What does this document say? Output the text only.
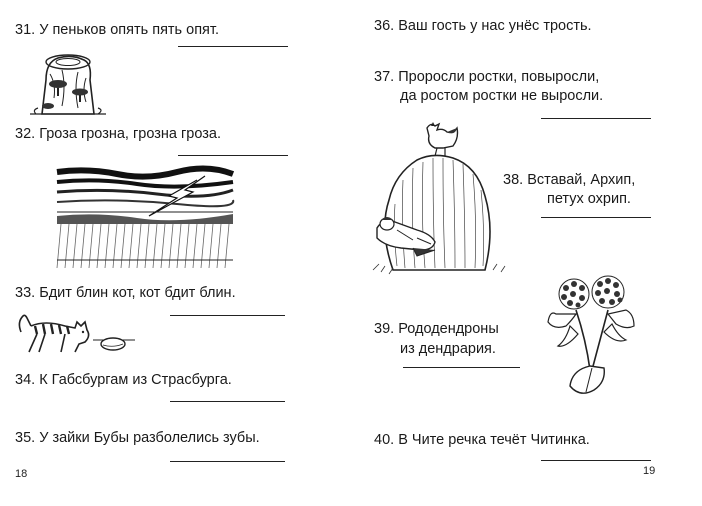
31. У пеньков опять пять опят.
32. Гроза грозна, грозна гроза.
33. Бдит блин кот, кот бдит блин.
34. К Габсбургам из Страсбурга.
35. У зайки Бубы разболелись зубы.
18
36. Ваш гость у нас унёс трость.
37. Проросли ростки, повыросли,
да ростом ростки не выросли.
38. Вставай, Архип,
петух охрип.
39. Рододендроны
из дендрария.
40. В Чите речка течёт Читинка.
19
